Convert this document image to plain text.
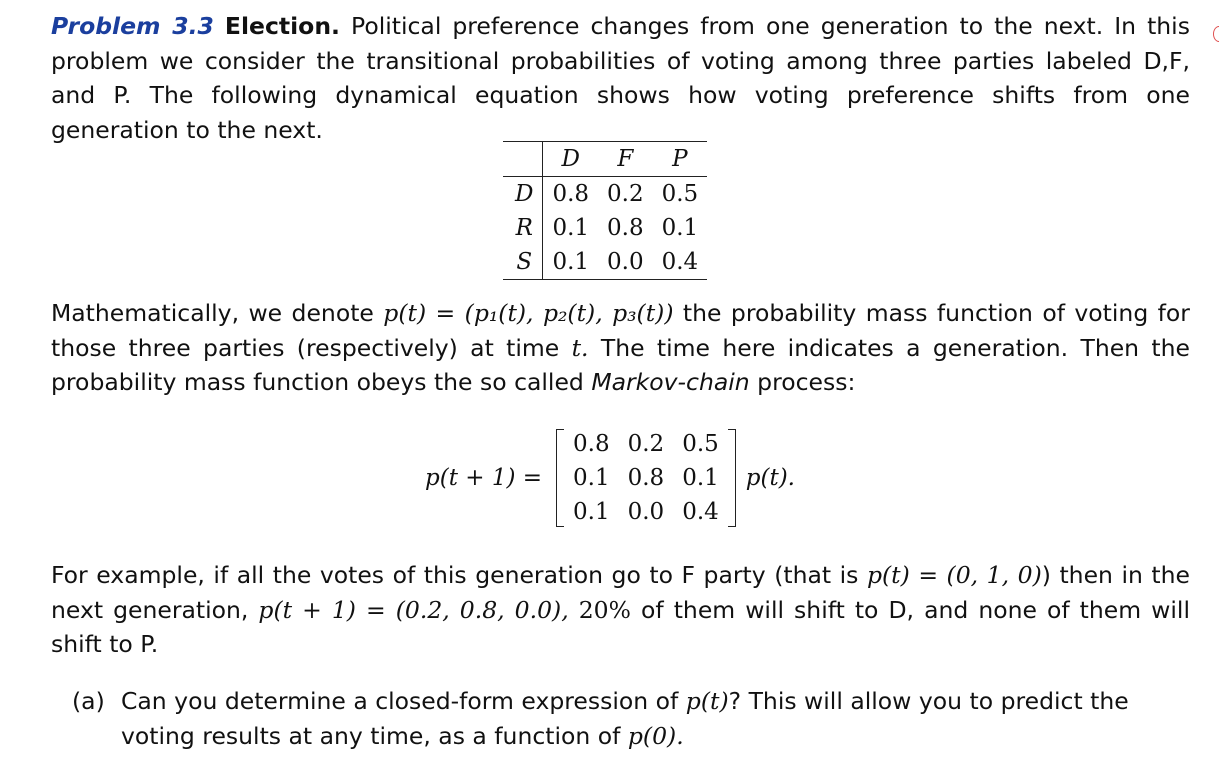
Problem 3.3 Election. Political preference changes from one generation to the next. In this problem we consider the transitional probabilities of voting among three parties labeled D,F, and P. The following dynamical equation shows how voting preference shifts from one generation to the next.
	D	F	P
D	0.8	0.2	0.5
R	0.1	0.8	0.1
S	0.1	0.0	0.4
Mathematically, we denote p(t) = (p₁(t), p₂(t), p₃(t)) the probability mass function of voting for those three parties (respectively) at time t. The time here indicates a generation. Then the probability mass function obeys the so called Markov-chain process:
p(t + 1) =
0.8	0.2	0.5
0.1	0.8	0.1
0.1	0.0	0.4
p(t).
For example, if all the votes of this generation go to F party (that is p(t) = (0, 1, 0)) then in the next generation, p(t + 1) = (0.2, 0.8, 0.0), 20% of them will shift to D, and none of them will shift to P.
(a) Can you determine a closed-form expression of p(t)? This will allow you to predict the voting results at any time, as a function of p(0).
